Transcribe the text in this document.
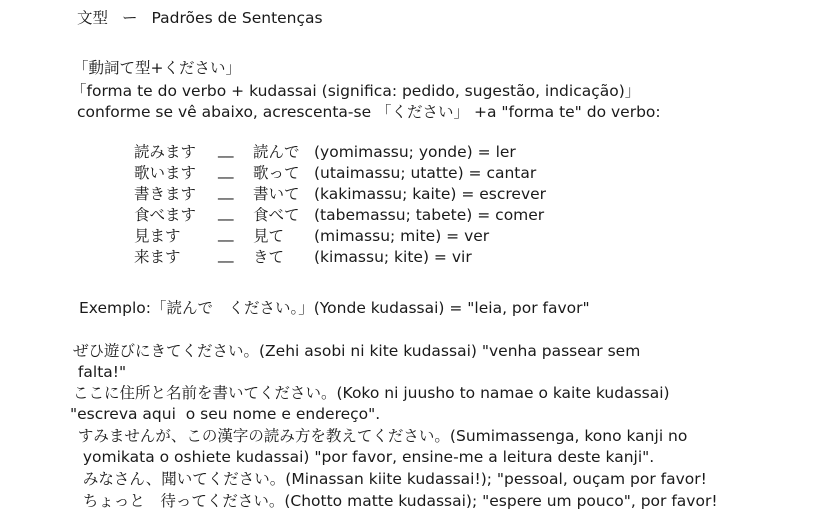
文型 ー Padrões de Sentenças
「動詞て型+ください」
「forma te do verbo + kudassai (significa: pedido, sugestão, indicação)」
conforme se vê abaixo, acrescenta-se 「ください」 +a "forma te" do verbo:
読みます __ 読んで (yomimassu; yonde) = ler
歌います __ 歌って (utaimassu; utatte) = cantar
書きます __ 書いて (kakimassu; kaite) = escrever
食べます __ 食べて (tabemassu; tabete) = comer
見ます __ 見て (mimassu; mite) = ver
来ます __ きて (kimassu; kite) = vir
Exemplo:「読んで　ください。」(Yonde kudassai) = "leia, por favor"
ぜひ遊びにきてください。(Zehi asobi ni kite kudassai) "venha passear sem
falta!"
ここに住所と名前を書いてください。(Koko ni juusho to namae o kaite kudassai)
"escreva aqui  o seu nome e endereço".
すみませんが、この漢字の読み方を教えてください。(Sumimassenga, kono kanji no
yomikata o oshiete kudassai) "por favor, ensine-me a leitura deste kanji".
みなさん、聞いてください。(Minassan kiite kudassai!); "pessoal, ouçam por favor!
ちょっと　待ってください。(Chotto matte kudassai); "espere um pouco", por favor!
